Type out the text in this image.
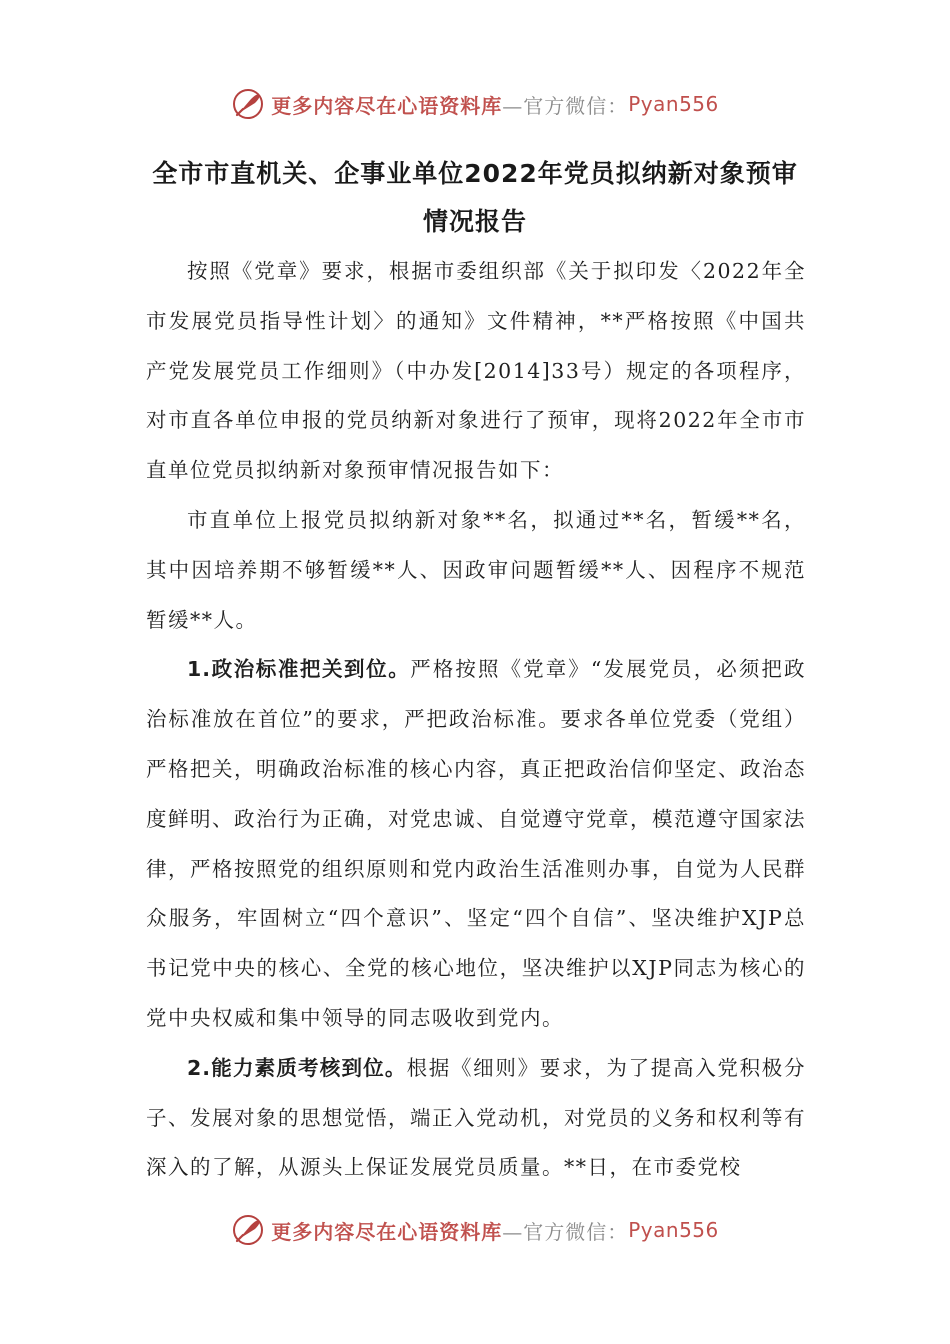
更多内容尽在心语资料库 —官方微信： Pyan556
全市市直机关、企事业单位2022年党员拟纳新对象预审情况报告

按照《党章》要求，根据市委组织部《关于拟印发〈2022年全市发展党员指导性计划〉的通知》文件精神，**严格按照《中国共产党发展党员工作细则》（中办发[2014]33号）规定的各项程序，对市直各单位申报的党员纳新对象进行了预审，现将2022年全市市直单位党员拟纳新对象预审情况报告如下：

市直单位上报党员拟纳新对象**名，拟通过**名，暂缓**名，其中因培养期不够暂缓**人、因政审问题暂缓**人、因程序不规范暂缓**人。

1.政治标准把关到位。严格按照《党章》“发展党员，必须把政治标准放在首位”的要求，严把政治标准。要求各单位党委（党组）严格把关，明确政治标准的核心内容，真正把政治信仰坚定、政治态度鲜明、政治行为正确，对党忠诚、自觉遵守党章，模范遵守国家法律，严格按照党的组织原则和党内政治生活准则办事，自觉为人民群众服务，牢固树立“四个意识”、坚定“四个自信”、坚决维护XJP总书记党中央的核心、全党的核心地位，坚决维护以XJP同志为核心的党中央权威和集中领导的同志吸收到党内。

2.能力素质考核到位。根据《细则》要求，为了提高入党积极分子、发展对象的思想觉悟，端正入党动机，对党员的义务和权利等有深入的了解，从源头上保证发展党员质量。**日，在市委党校

更多内容尽在心语资料库 —官方微信： Pyan556
